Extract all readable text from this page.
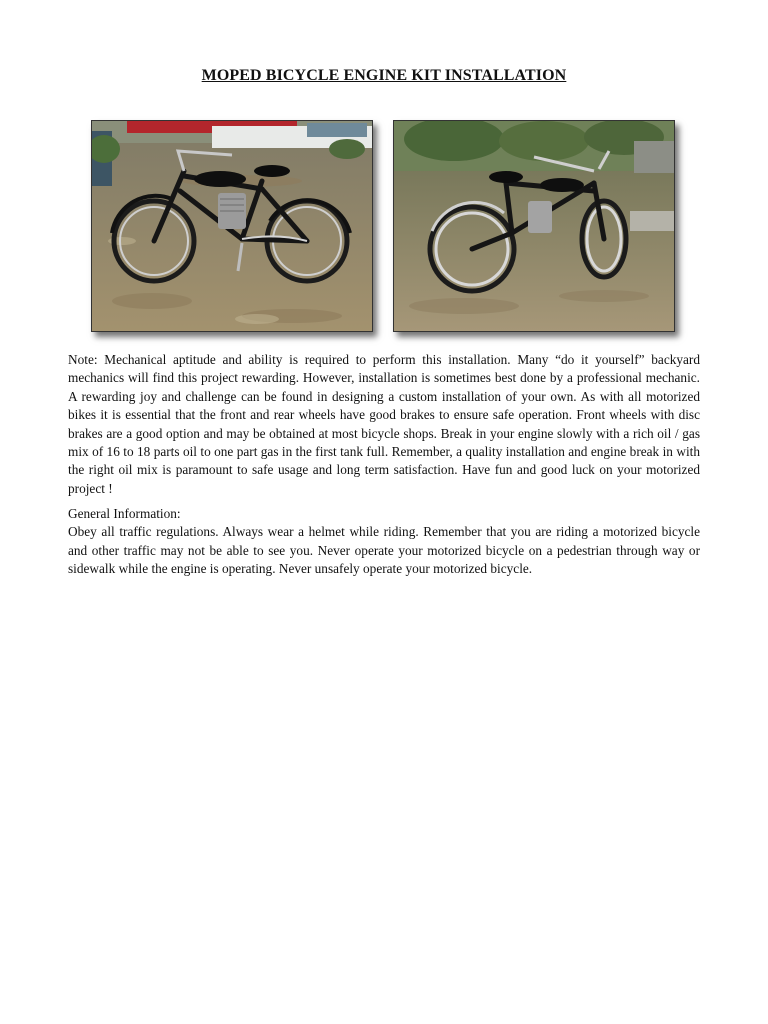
MOPED BICYCLE ENGINE KIT INSTALLATION
Note: Mechanical aptitude and ability is required to perform this installation. Many “do it yourself” backyard mechanics will find this project rewarding. However, installation is sometimes best done by a professional mechanic. A rewarding joy and challenge can be found in designing a custom installation of your own. As with all motorized bikes it is essential that the front and rear wheels have good brakes to ensure safe operation. Front wheels with disc brakes are a good option and may be obtained at most bicycle shops. Break in your engine slowly with a rich oil / gas mix of 16 to 18 parts oil to one part gas in the first tank full. Remember, a quality installation and engine break in with the right oil mix is paramount to safe usage and long term satisfaction. Have fun and good luck on your motorized project !
General Information:
Obey all traffic regulations. Always wear a helmet while riding. Remember that you are riding a motorized bicycle and other traffic may not be able to see you. Never operate your motorized bicycle on a pedestrian through way or sidewalk while the engine is operating. Never unsafely operate your motorized bicycle.
